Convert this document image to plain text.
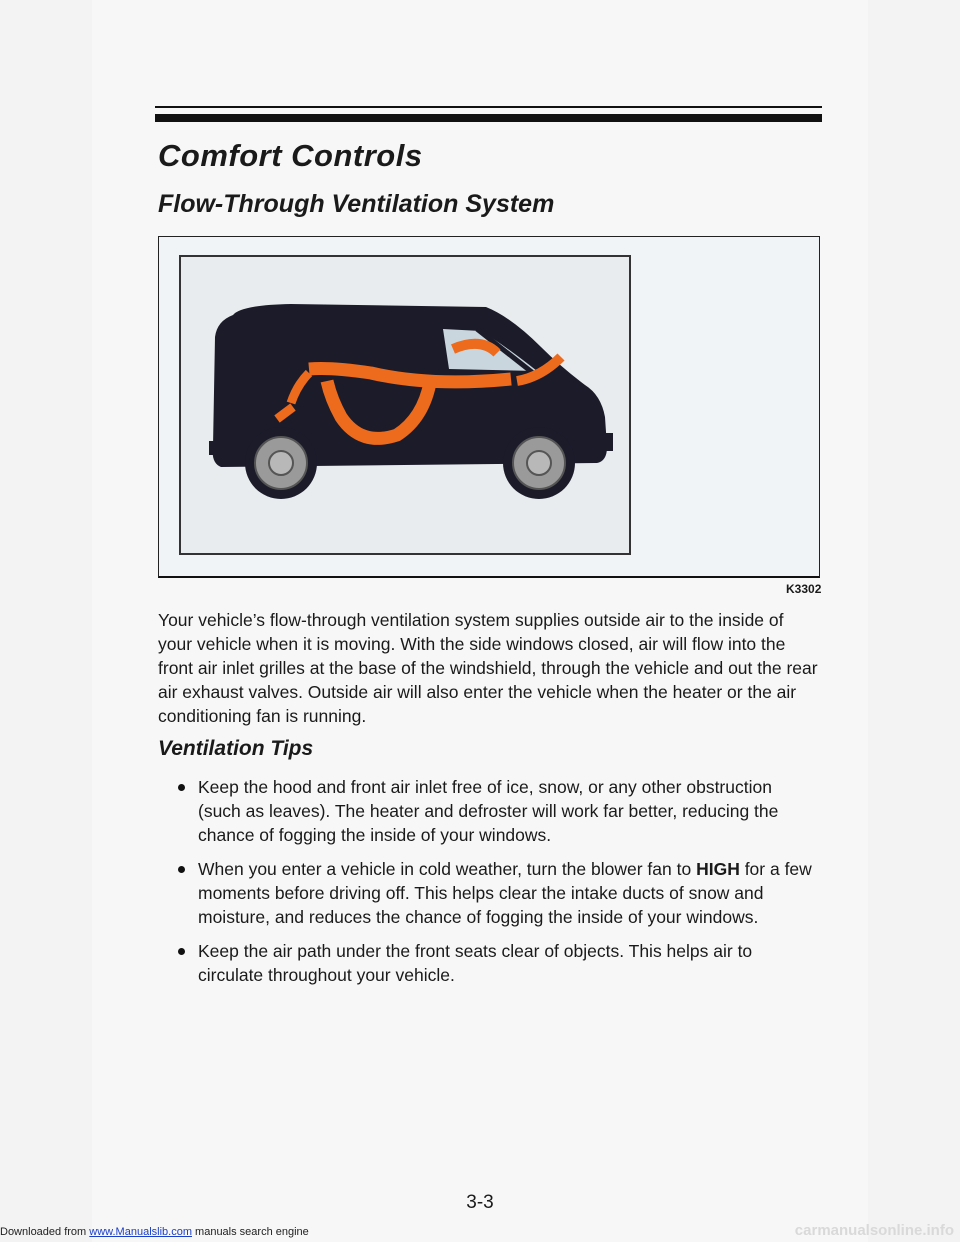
Comfort Controls
Flow-Through Ventilation System
K3302

Your vehicle’s flow-through ventilation system supplies outside air to the inside of your vehicle when it is moving. With the side windows closed, air will flow into the front air inlet grilles at the base of the windshield, through the vehicle and out the rear air exhaust valves. Outside air will also enter the vehicle when the heater or the air conditioning fan is running.

Ventilation Tips
Keep the hood and front air inlet free of ice, snow, or any other obstruction (such as leaves). The heater and defroster will work far better, reducing the chance of fogging the inside of your windows.
When you enter a vehicle in cold weather, turn the blower fan to HIGH for a few moments before driving off. This helps clear the intake ducts of snow and moisture, and reduces the chance of fogging the inside of your windows.
Keep the air path under the front seats clear of objects. This helps air to circulate throughout your vehicle.
3-3
Downloaded from www.Manualslib.com manuals search engine	carmanualsonline.info
